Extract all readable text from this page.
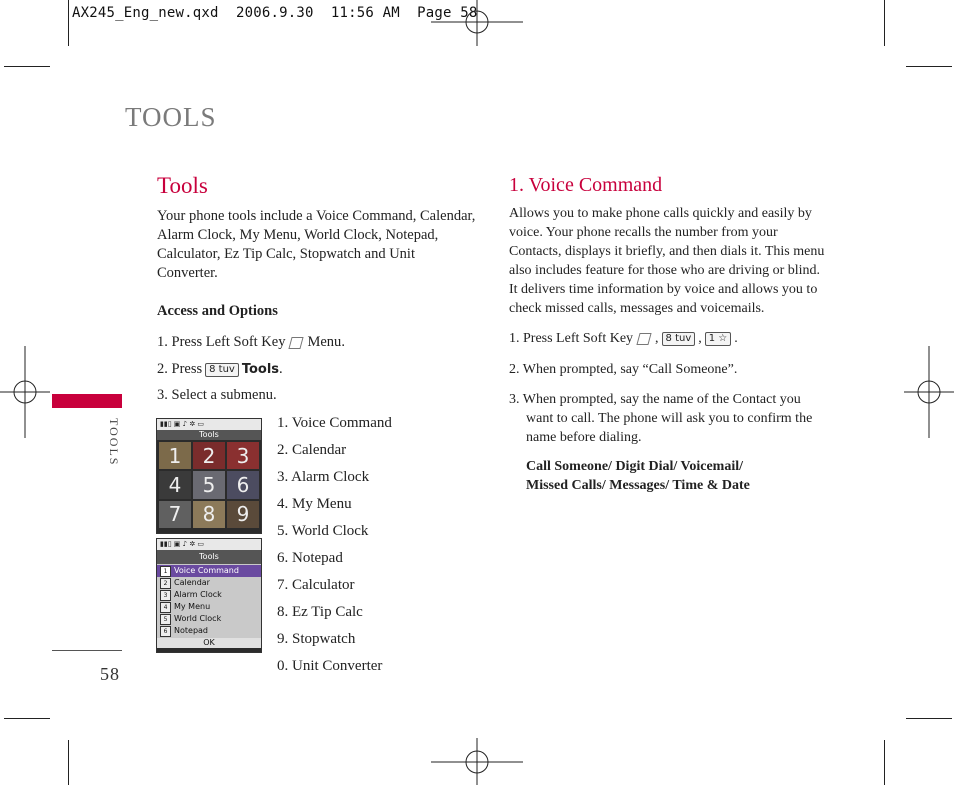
AX245_Eng_new.qxd  2006.9.30  11:56 AM  Page 58
TOOLS
TOOLS
58
Tools
Your phone tools include a Voice Command, Calendar, Alarm Clock, My Menu, World Clock, Notepad, Calculator, Ez Tip Calc, Stopwatch and Unit Converter.
Access and Options
1. Press Left Soft Key Menu.
2. Press 8 tuv Tools.
3. Select a submenu.
▮▮▯ ▣ ♪ ✲ ▭
Tools
1	2	3
4	5	6
7	8	9
▮▮▯ ▣ ♪ ✲ ▭
Tools
1 Voice Command
2 Calendar
3 Alarm Clock
4 My Menu
5 World Clock
6 Notepad
OK
1. Voice Command
2. Calendar
3. Alarm Clock
4. My Menu
5. World Clock
6. Notepad
7. Calculator
8. Ez Tip Calc
9. Stopwatch
0. Unit Converter
1. Voice Command
Allows you to make phone calls quickly and easily by voice. Your phone recalls the number from your Contacts, displays it briefly, and then dials it. This menu also includes feature for those who are driving or blind. It delivers time information by voice and allows you to check missed calls, messages and voicemails.
1. Press Left Soft Key , 8 tuv , 1 ☆ .
2. When prompted, say “Call Someone”.
3. When prompted, say the name of the Contact you want to call. The phone will ask you to confirm the name before dialing.
Call Someone/ Digit Dial/ Voicemail/
Missed Calls/ Messages/ Time & Date
